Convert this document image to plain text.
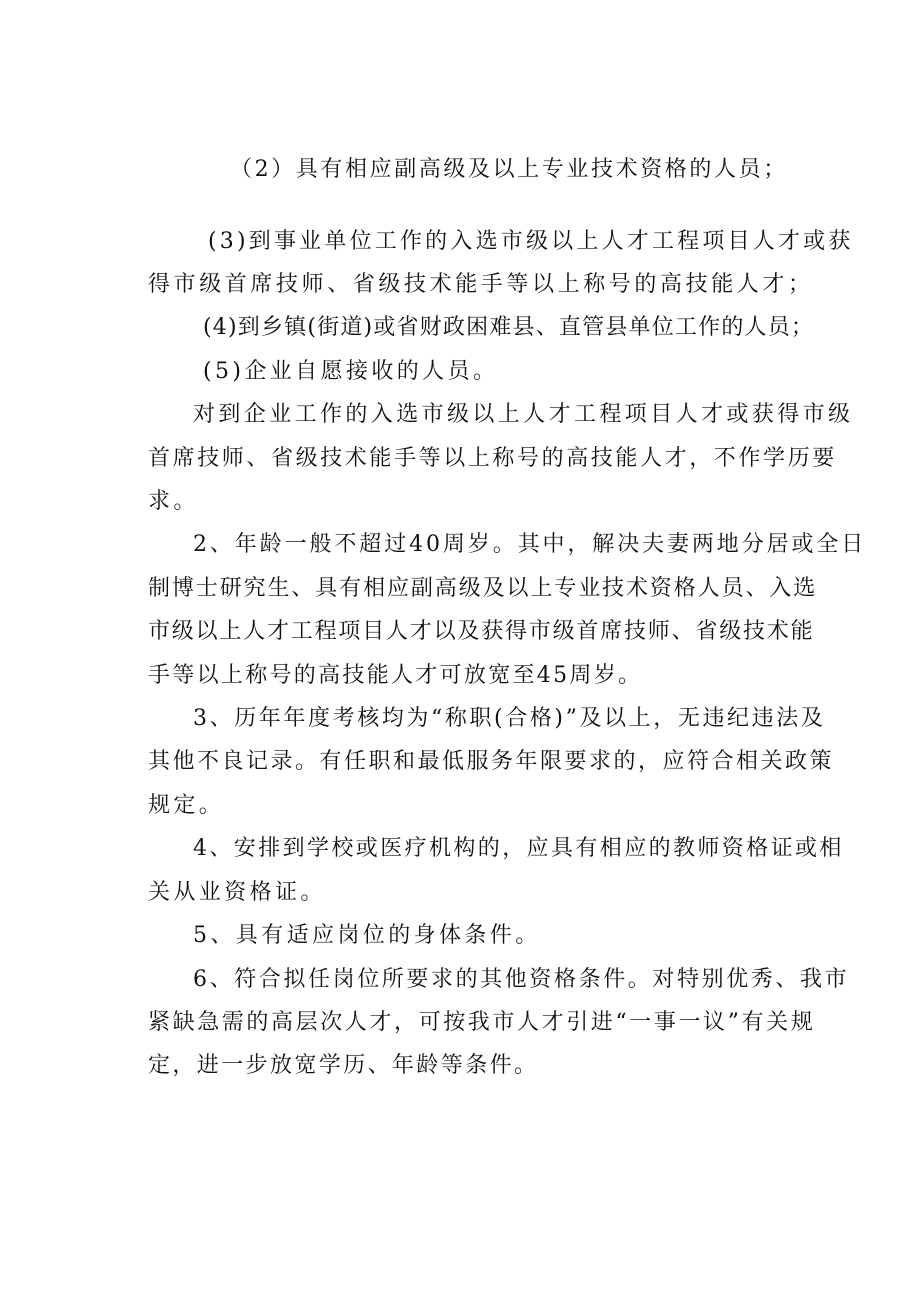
（2）具有相应副高级及以上专业技术资格的人员；
(3)到事业单位工作的入选市级以上人才工程项目人才或获
得市级首席技师、省级技术能手等以上称号的高技能人才；
(4)到乡镇(街道)或省财政困难县、直管县单位工作的人员；
(5)企业自愿接收的人员。
对到企业工作的入选市级以上人才工程项目人才或获得市级
首席技师、省级技术能手等以上称号的高技能人才，不作学历要
求。
2、年龄一般不超过40周岁。其中，解决夫妻两地分居或全日
制博士研究生、具有相应副高级及以上专业技术资格人员、入选
市级以上人才工程项目人才以及获得市级首席技师、省级技术能
手等以上称号的高技能人才可放宽至45周岁。
3、历年年度考核均为“称职(合格)”及以上，无违纪违法及
其他不良记录。有任职和最低服务年限要求的，应符合相关政策
规定。
4、安排到学校或医疗机构的，应具有相应的教师资格证或相
关从业资格证。
5、具有适应岗位的身体条件。
6、符合拟任岗位所要求的其他资格条件。对特别优秀、我市
紧缺急需的高层次人才，可按我市人才引进“一事一议”有关规
定，进一步放宽学历、年龄等条件。
